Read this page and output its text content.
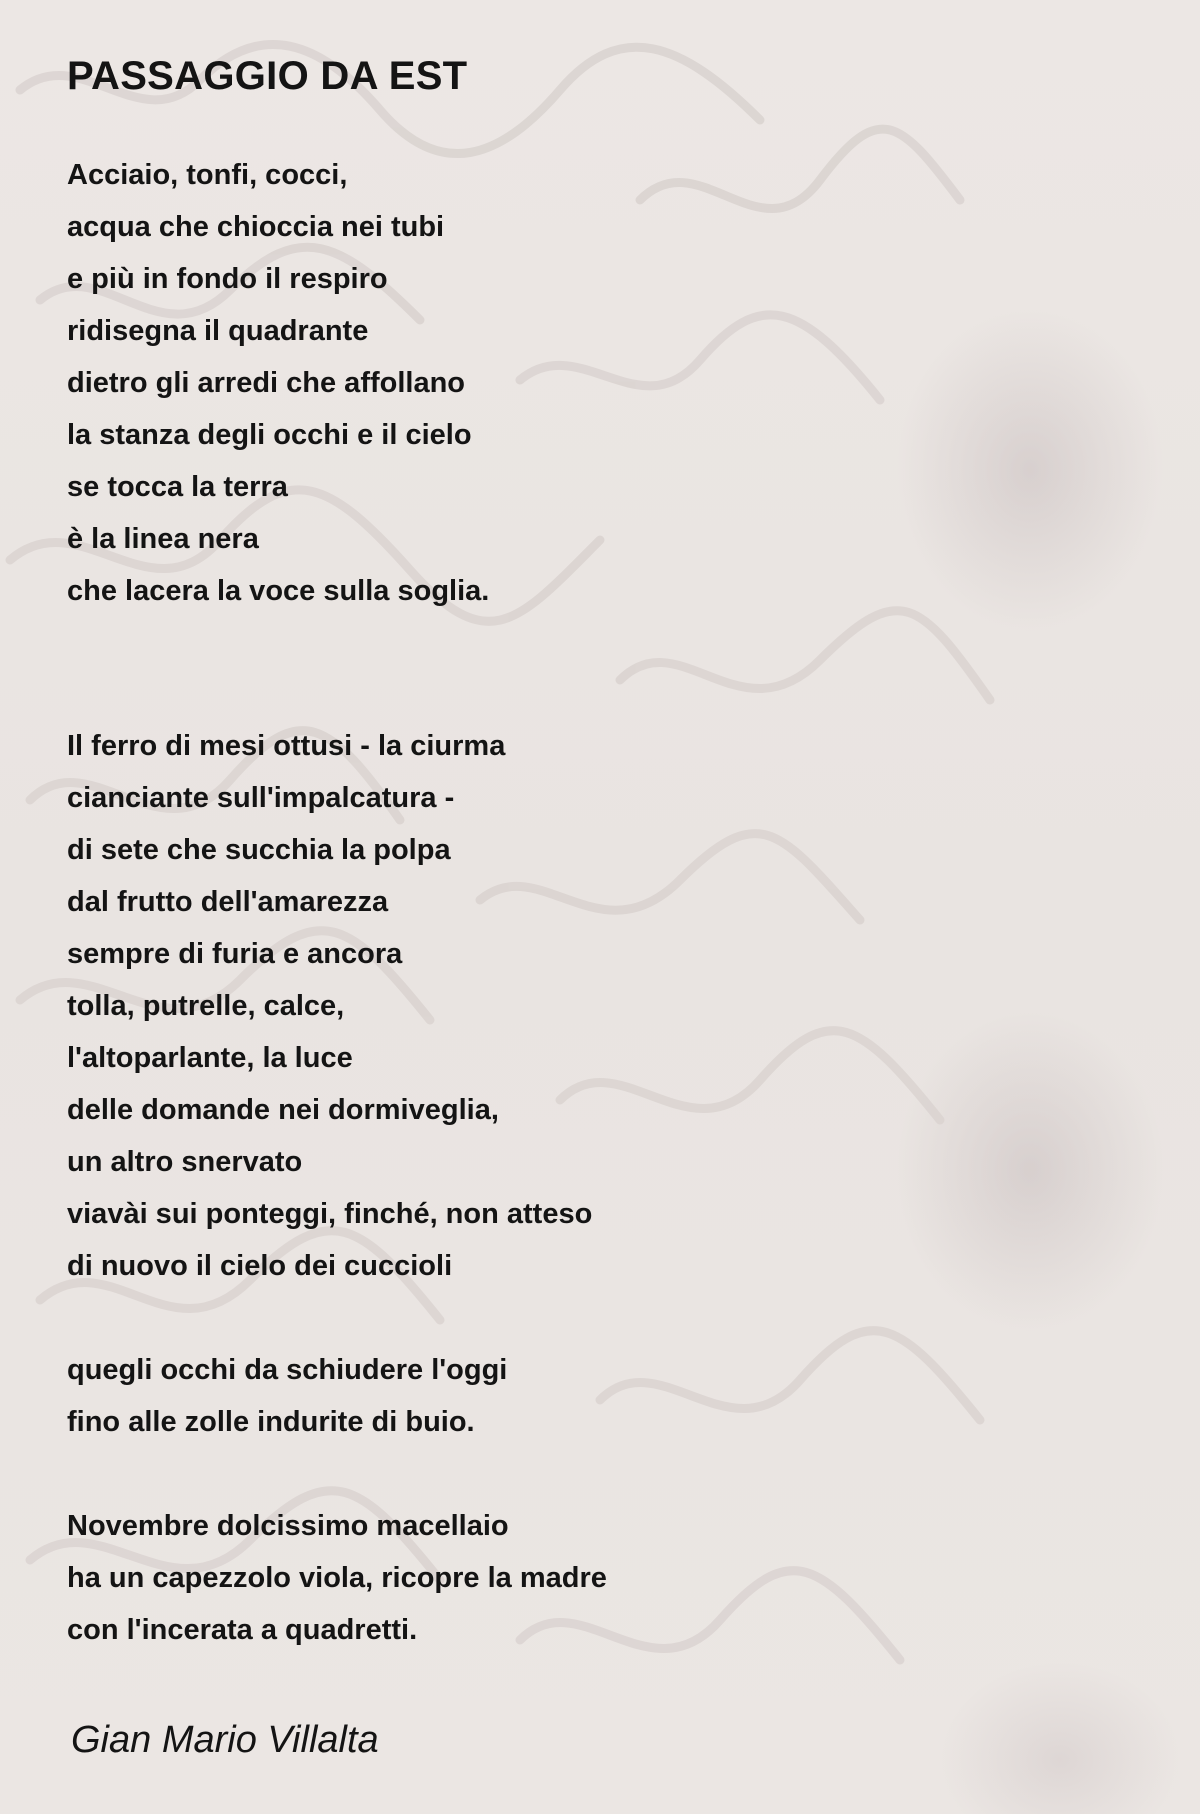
PASSAGGIO DA EST
Acciaio, tonfi, cocci,
acqua che chioccia nei tubi
e più in fondo il respiro
ridisegna il quadrante
dietro gli arredi che affollano
la stanza degli occhi e il cielo
se tocca la terra
è la linea nera
che lacera la voce sulla soglia.
Il ferro di mesi ottusi - la ciurma
cianciante sull'impalcatura -
di sete che succhia la polpa
dal frutto dell'amarezza
sempre di furia e ancora
tolla, putrelle, calce,
l'altoparlante, la luce
delle domande nei dormiveglia,
un altro snervato
viavài sui ponteggi, finché, non atteso
di nuovo il cielo dei cuccioli
quegli occhi da schiudere l'oggi
fino alle zolle indurite di buio.
Novembre dolcissimo macellaio
ha un capezzolo viola, ricopre la madre
con l'incerata a quadretti.
Gian Mario Villalta
